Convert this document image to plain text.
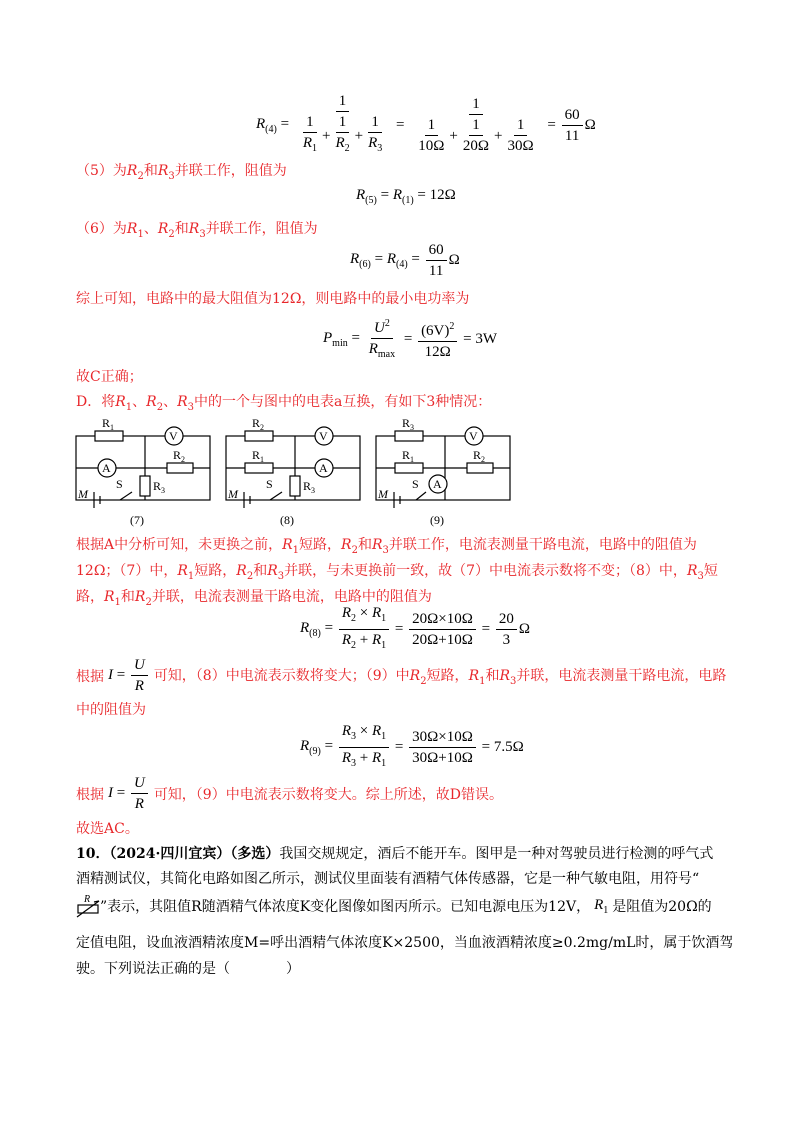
$R_{(4)} = \frac{1}{\frac{1}{R_1} + \frac{1}{R_2} + \frac{1}{R_3}} = \frac{1}{\frac{1}{10\Omega} + \frac{1}{20\Omega} + \frac{1}{30\Omega}} = \frac{60}{11}$ Ω
（5）为$R_2$和$R_3$并联工作，阻值为
$R_{(5)} = R_{(1)} = 12\Omega$
（6）为$R_1$、$R_2$和$R_3$并联工作，阻值为
$R_{(6)} = R_{(4)} = \frac{60}{11}$ Ω
综上可知，电路中的最大阻值为12Ω，则电路中的最小电功率为
$P_{min} = \frac{U^2}{R_{max}} = \frac{(6V)^2}{12\Omega}$
= 3W
故C正确；
D．将$R_1$、$R_2$、$R_3$中的一个与图中的电表a互换，有如下3种情况：
$R_1$
V
$R_2$
A
$R_3$
M
S
(7)
$R_2$
V
$R_1$
A
$R_3$
M
S
(8)
$R_3$
V
$R_1$	$R_2$
A
M
S
(9)
根据A中分析可知，未更换之前，$R_1$短路，$R_2$和$R_3$并联工作，电流表测量干路电流，电路中的阻值为
12Ω；（7）中，$R_1$短路，$R_2$和$R_3$并联，与未更换前一致，故（7）中电流表示数将不变；（8）中，$R_3$短
路，$R_1$和$R_2$并联，电流表测量干路电流，电路中的阻值为
$R_{(8)} = \frac{R_2 \times R_1}{R_2 + R_1} = \frac{20\Omega\times 10\Omega}{20\Omega+10\Omega} = \frac{20}{3}$ Ω
根据 $I = \frac{U}{R}$ 可知，（8）中电流表示数将变大；（9）中$R_2$短路，$R_1$和$R_3$并联，电流表测量干路电流，电路
中的阻值为
$R_{(9)} = \frac{R_3 \times R_1}{R_3 + R_1} = \frac{30\Omega\times 10\Omega}{30\Omega+10\Omega}$
= 7.5Ω
根据 $I = \frac{U}{R}$ 可知，（9）中电流表示数将变大。综上所述，故D错误。
故选AC。
10．（2024·四川宜宾）（多选）我国交规规定，酒后不能开车。图甲是一种对驾驶员进行检测的呼气式
酒精测试仪，其简化电路如图乙所示，测试仪里面装有酒精气体传感器，它是一种气敏电阻，用符号“
R ”表示，其阻值R随酒精气体浓度K变化图像如图丙所示。已知电源电压为12V， $R_1$ 是阻值为20Ω的
定值电阻，设血液酒精浓度M=呼出酒精气体浓度K×2500，当血液酒精浓度≥0.2mg/mL时，属于饮酒驾
驶。下列说法正确的是（　　　　）
